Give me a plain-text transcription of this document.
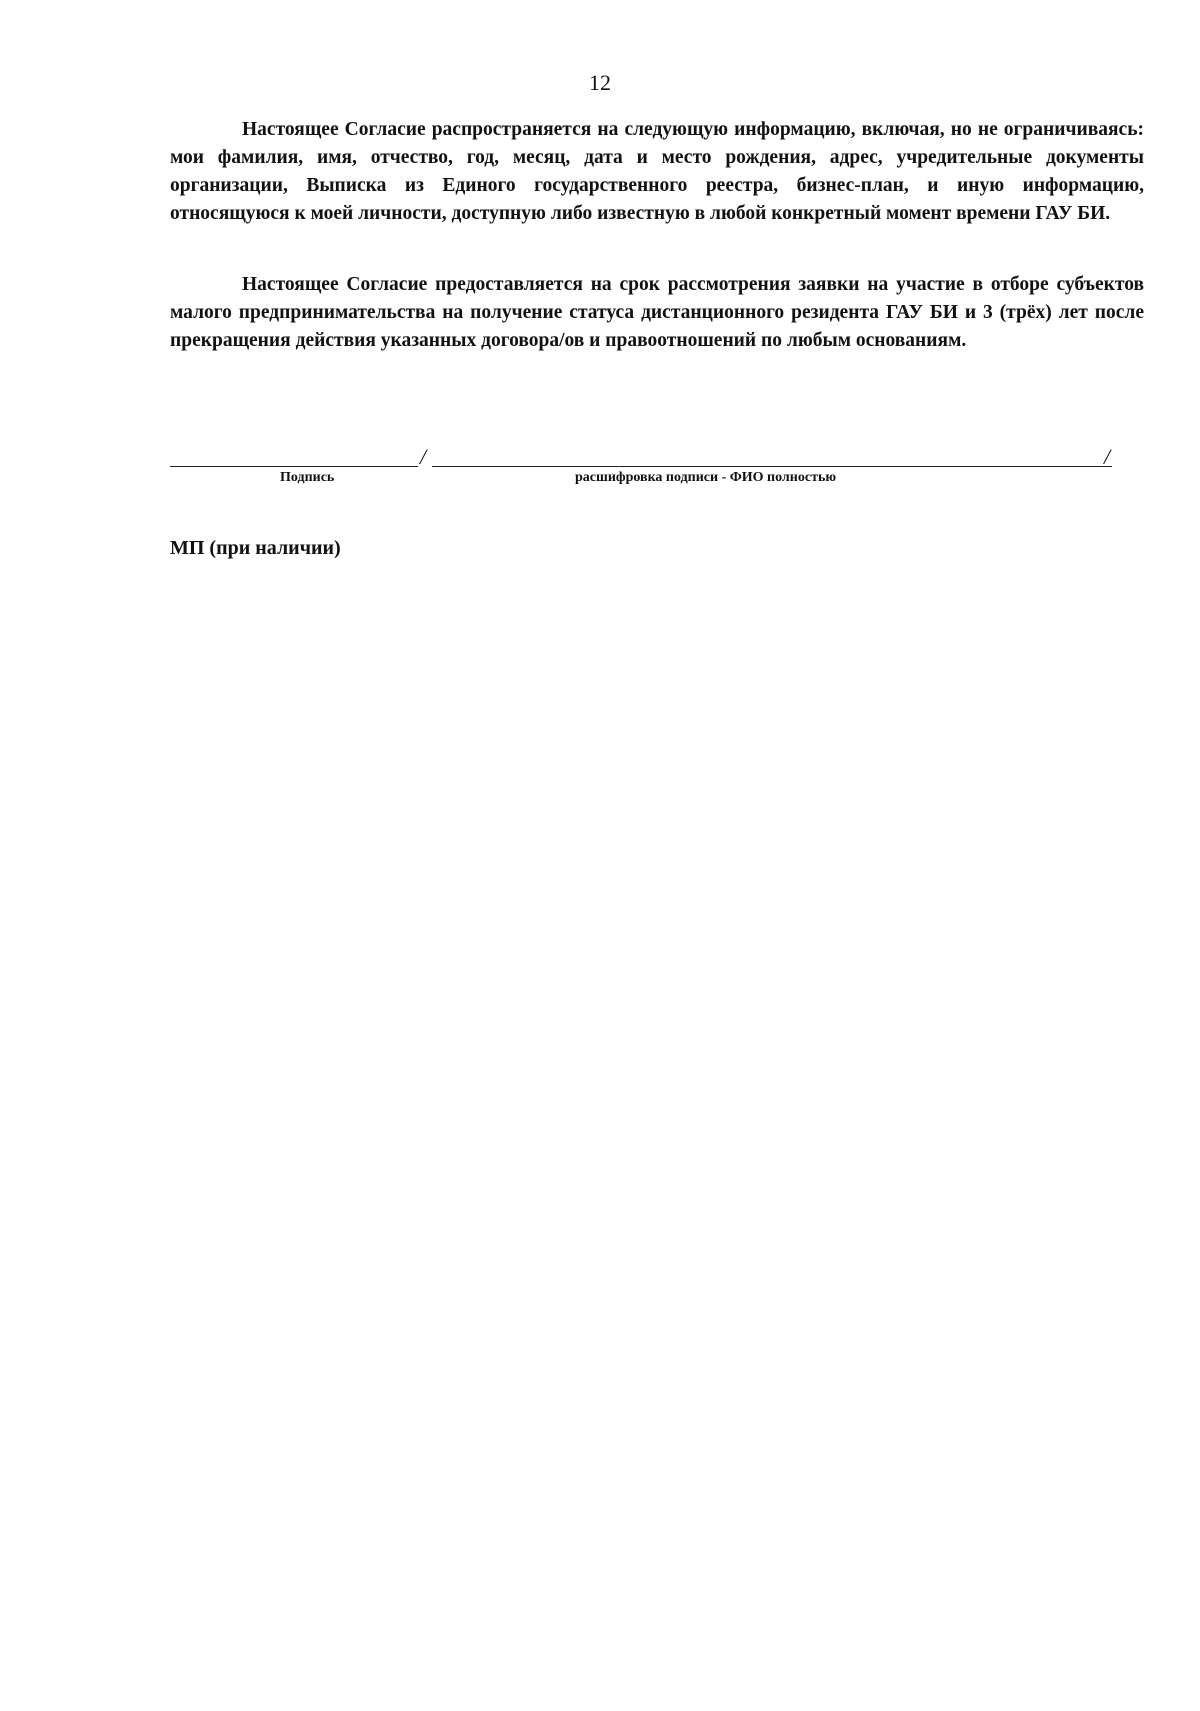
12

Настоящее Согласие распространяется на следующую информацию, включая, но не ограничиваясь: мои фамилия, имя, отчество, год, месяц, дата и место рождения, адрес, учредительные документы организации, Выписка из Единого государственного реестра, бизнес-план, и иную информацию, относящуюся к моей личности, доступную либо известную в любой конкретный момент времени ГАУ БИ.

Настоящее Согласие предоставляется на срок рассмотрения заявки на участие в отборе субъектов малого предпринимательства на получение статуса дистанционного резидента ГАУ БИ и 3 (трёх) лет после прекращения действия указанных договора/ов и правоотношений по любым основаниям.

/	/
Подпись	расшифровка подписи - ФИО полностью
МП (при наличии)
